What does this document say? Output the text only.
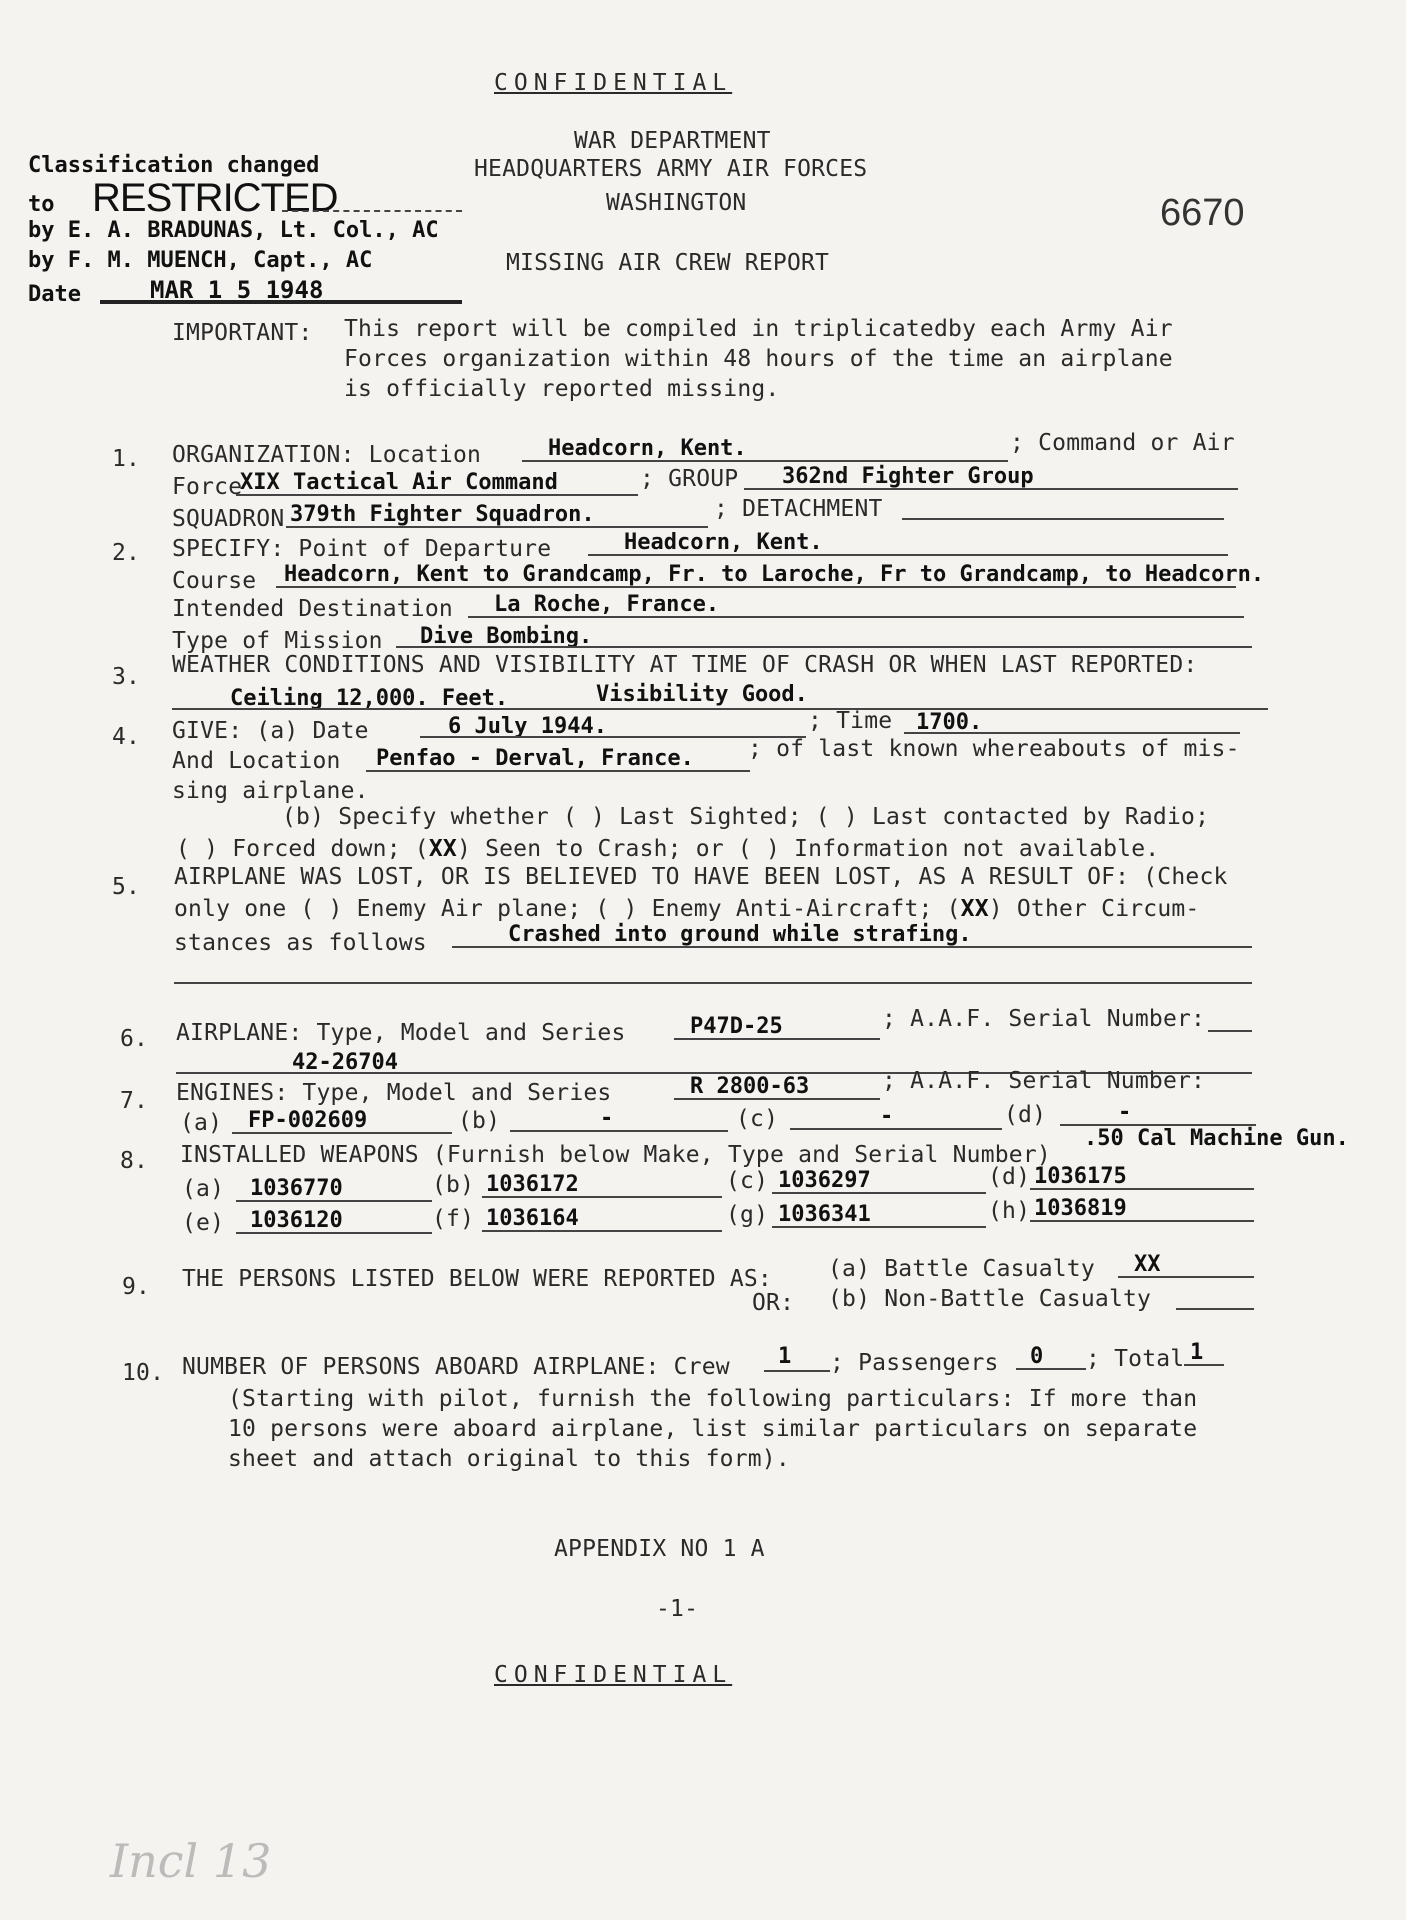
CONFIDENTIAL
WAR DEPARTMENT
HEADQUARTERS ARMY AIR FORCES
WASHINGTON	6670
MISSING AIR CREW REPORT
Classification changed
to RESTRICTED
by E. A. BRADUNAS, Lt. Col., AC
by F. M. MUENCH, Capt., AC
Date	MAR 1 5 1948
IMPORTANT: This report will be compiled in triplicatedby each Army Air
Forces organization within 48 hours of the time an airplane
is officially reported missing.
1. ORGANIZATION: Location	Headcorn, Kent.	; Command or Air
Force
XIX Tactical Air Command	; GROUP 362nd Fighter Group
SQUADRON 379th Fighter Squadron.	; DETACHMENT
2. SPECIFY: Point of Departure	Headcorn, Kent.
Course Headcorn, Kent to Grandcamp, Fr. to Laroche, Fr to Grandcamp, to Headcorn.
Intended Destination La Roche, France.
Type of Mission Dive Bombing.
3. WEATHER CONDITIONS AND VISIBILITY AT TIME OF CRASH OR WHEN LAST REPORTED:
Ceiling 12,000. Feet.	Visibility Good.
4. GIVE: (a) Date	6 July 1944.	; Time 1700.
And Location Penfao - Derval, France. ; of last known whereabouts of mis-
sing airplane.
(b) Specify whether ( ) Last Sighted; ( ) Last contacted by Radio;
( ) Forced down; (XX) Seen to Crash; or ( ) Information not available.
5. AIRPLANE WAS LOST, OR IS BELIEVED TO HAVE BEEN LOST, AS A RESULT OF: (Check
only one ( ) Enemy Air plane; ( ) Enemy Anti-Aircraft; (XX) Other Circum-
stances as follows	Crashed into ground while strafing.
6. AIRPLANE: Type, Model and Series	P47D-25	; A.A.F. Serial Number:
42-26704
7. ENGINES: Type, Model and Series	R 2800-63	; A.A.F. Serial Number:
(a) FP-002609	(b)	-	(c)	-	(d)	-
8. INSTALLED WEAPONS (Furnish below Make, Type and Serial Number)
.50 Cal Machine Gun.
(a) 1036770	(b) 1036172	(c) 1036297	(d) 1036175
(e) 1036120	(f) 1036164	(g) 1036341	(h) 1036819
9. THE PERSONS LISTED BELOW WERE REPORTED AS: (a) Battle Casualty XX
OR: (b) Non-Battle Casualty
10. NUMBER OF PERSONS ABOARD AIRPLANE: Crew 1 ; Passengers 0 ; Total 1
(Starting with pilot, furnish the following particulars: If more than
10 persons were aboard airplane, list similar particulars on separate
sheet and attach original to this form).
APPENDIX NO 1 A
-1-
CONFIDENTIAL
Incl 13
